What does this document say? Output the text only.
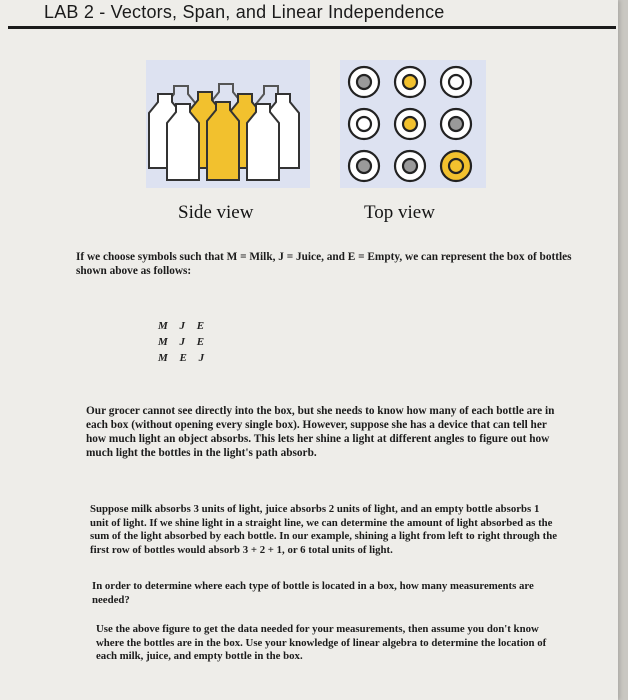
LAB 2 - Vectors, Span, and Linear Independence
Side view	Top view
If we choose symbols such that M = Milk, J = Juice, and E = Empty, we can represent the box of bottles shown above as follows:
M J E
M J E
M E J
Our grocer cannot see directly into the box, but she needs to know how many of each bottle are in each box (without opening every single box). However, suppose she has a device that can tell her how much light an object absorbs. This lets her shine a light at different angles to figure out how much light the bottles in the light's path absorb.
Suppose milk absorbs 3 units of light, juice absorbs 2 units of light, and an empty bottle absorbs 1 unit of light. If we shine light in a straight line, we can determine the amount of light absorbed as the sum of the light absorbed by each bottle. In our example, shining a light from left to right through the first row of bottles would absorb 3 + 2 + 1, or 6 total units of light.
In order to determine where each type of bottle is located in a box, how many measurements are needed?
Use the above figure to get the data needed for your measurements, then assume you don't know where the bottles are in the box. Use your knowledge of linear algebra to determine the location of each milk, juice, and empty bottle in the box.
